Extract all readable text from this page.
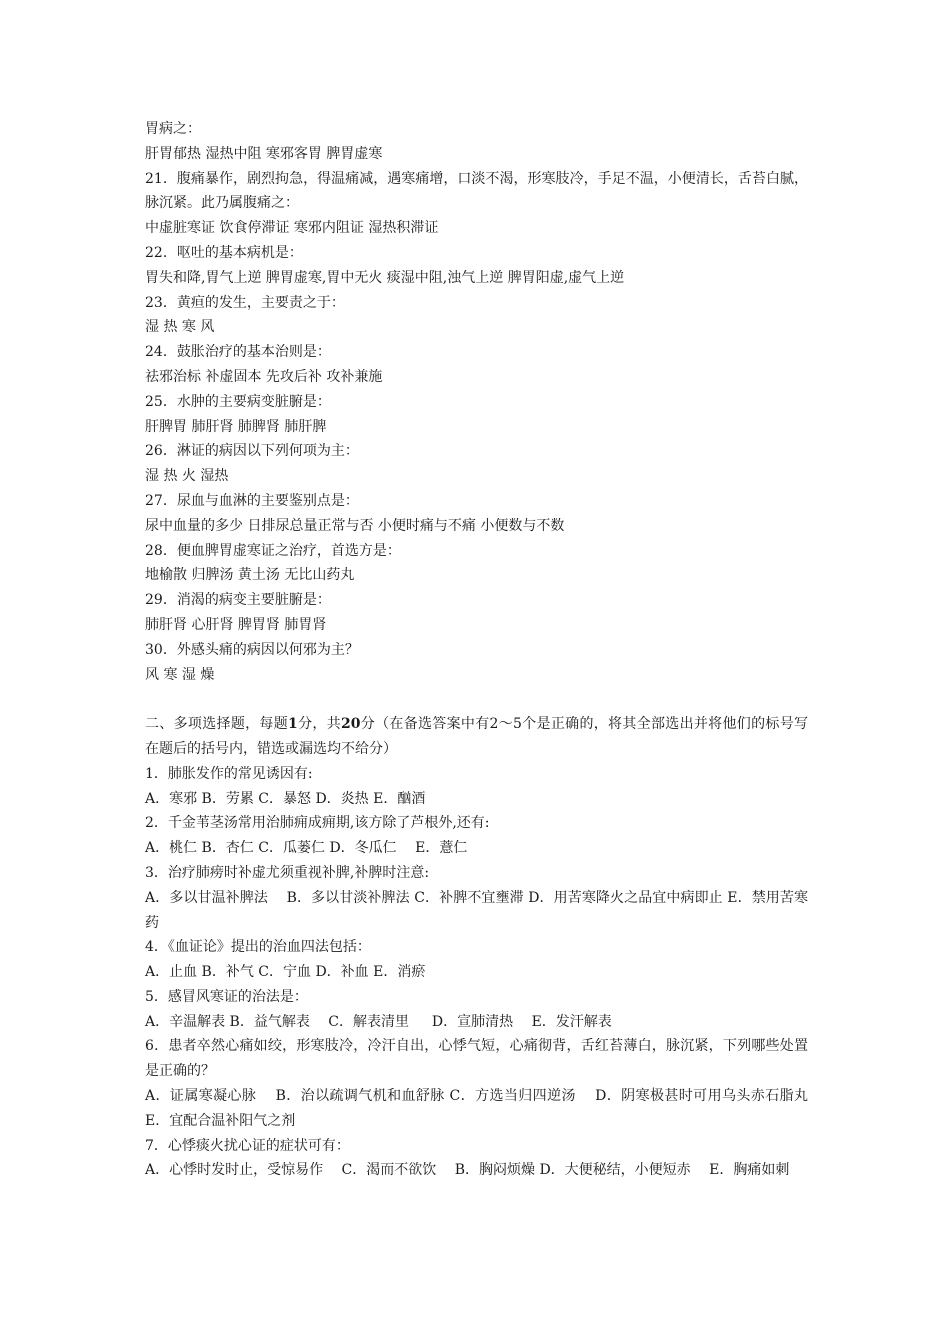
胃病之：
肝胃郁热 湿热中阻 寒邪客胃 脾胃虚寒
21．腹痛暴作，剧烈拘急，得温痛减，遇寒痛增，口淡不渴，形寒肢冷，手足不温，小便清长，舌苔白腻，脉沉紧。此乃属腹痛之：
中虚脏寒证 饮食停滞证 寒邪内阻证 湿热积滞证
22．呕吐的基本病机是：
胃失和降,胃气上逆 脾胃虚寒,胃中无火 痰湿中阻,浊气上逆 脾胃阳虚,虚气上逆
23．黄疸的发生，主要责之于：
湿 热 寒 风
24．鼓胀治疗的基本治则是：
祛邪治标 补虚固本 先攻后补 攻补兼施
25．水肿的主要病变脏腑是：
肝脾胃 肺肝肾 肺脾肾 肺肝脾
26．淋证的病因以下列何项为主：
湿 热 火 湿热
27．尿血与血淋的主要鉴别点是：
尿中血量的多少 日排尿总量正常与否 小便时痛与不痛 小便数与不数
28．便血脾胃虚寒证之治疗，首选方是：
地榆散 归脾汤 黄土汤 无比山药丸
29．消渴的病变主要脏腑是：
肺肝肾 心肝肾 脾胃肾 肺胃肾
30．外感头痛的病因以何邪为主？
风 寒 湿 燥
二、多项选择题，每题1分，共20分（在备选答案中有2～5个是正确的，将其全部选出并将他们的标号写在题后的括号内，错选或漏选均不给分）
1．肺胀发作的常见诱因有:
A．寒邪 B．劳累 C．暴怒 D．炎热 E．酗酒
2．千金苇茎汤常用治肺痈成痈期,该方除了芦根外,还有:
A．桃仁 B．杏仁 C．瓜蒌仁 D．冬瓜仁 　E．薏仁
3．治疗肺痨时补虚尤须重视补脾,补脾时注意:
A．多以甘温补脾法 　B．多以甘淡补脾法 C．补脾不宜壅滞 D．用苦寒降火之品宜中病即止 E．禁用苦寒药
4．《血证论》提出的治血四法包括：
A．止血 B．补气 C．宁血 D．补血 E．消瘀
5．感冒风寒证的治法是：
A．辛温解表 B．益气解表 　C．解表清里 　 D．宣肺清热 　E．发汗解表
6．患者卒然心痛如绞，形寒肢冷，冷汗自出，心悸气短，心痛彻背，舌红苔薄白，脉沉紧，下列哪些处置是正确的？
A．证属寒凝心脉 　B．治以疏调气机和血舒脉 C．方选当归四逆汤 　D．阴寒极甚时可用乌头赤石脂丸 E．宜配合温补阳气之剂
7．心悸痰火扰心证的症状可有：
A．心悸时发时止，受惊易作 　C．渴而不欲饮 　B．胸闷烦燥 D．大便秘结，小便短赤 　E．胸痛如刺
